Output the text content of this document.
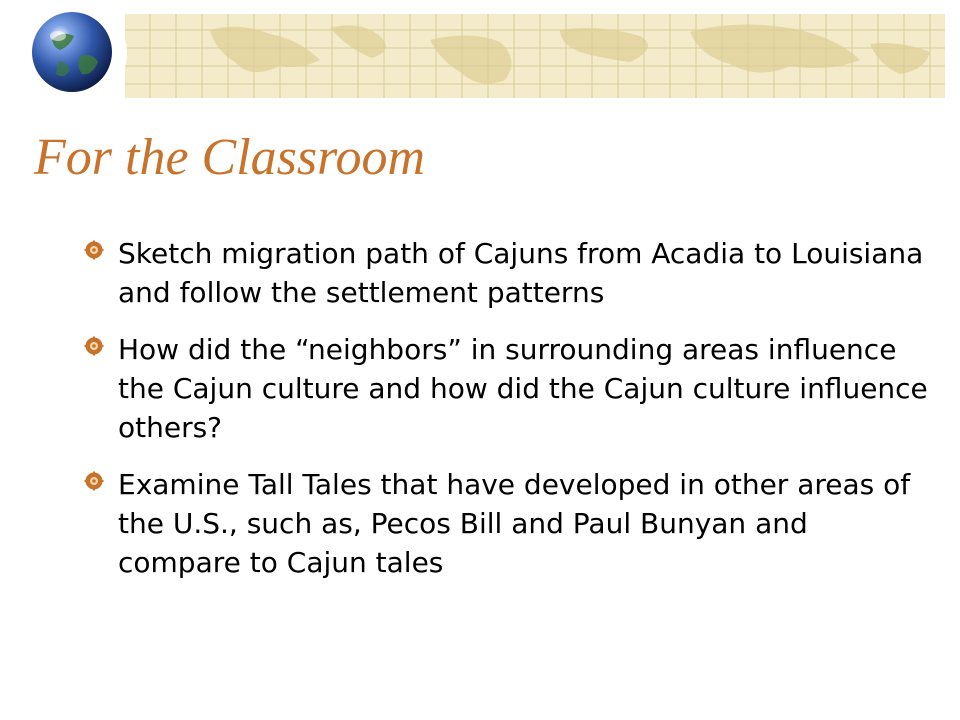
For the Classroom
Sketch migration path of Cajuns from Acadia to Louisiana and follow the settlement patterns
How did the “neighbors” in surrounding areas influence the Cajun culture and how did the Cajun culture influence others?
Examine Tall Tales that have developed in other areas of the U.S., such as, Pecos Bill and Paul Bunyan and compare to Cajun tales
